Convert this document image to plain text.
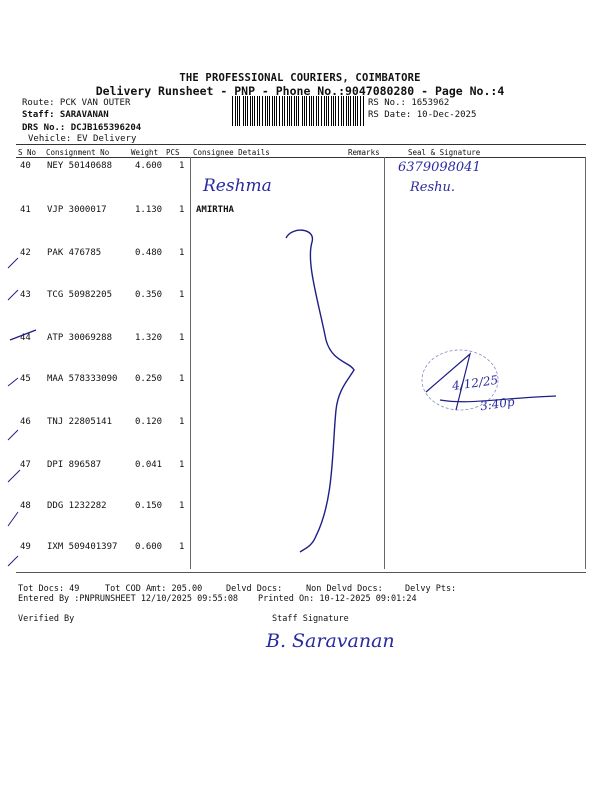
THE PROFESSIONAL COURIERS, COIMBATORE
Delivery Runsheet - PNP - Phone No.:9047080280 - Page No.:4
Route: PCK VAN OUTER
Staff: SARAVANAN
DRS No.: DCJB165396204
Vehicle: EV Delivery
RS No.: 1653962
RS Date: 10-Dec-2025
S No Consignment No	Weight PCS Consignee Details	Remarks	Seal & Signature
40 NEY 50140688	4.600 1
41 VJP 3000017	1.130 1 AMIRTHA
42 PAK 476785	0.480 1
43 TCG 50982205	0.350 1
44 ATP 30069288	1.320 1
45 MAA 578333090 0.250 1
46 TNJ 22805141	0.120 1
47 DPI 896587	0.041 1
48 DDG 1232282	0.150 1
49 IXM 509401397 0.600 1
Tot Docs: 49	Tot COD Amt: 205.00	Delvd Docs:	Non Delvd Docs:	Delvy Pts:
Entered By :PNPRUNSHEET 12/10/2025 09:55:08 Printed On: 10-12-2025 09:01:24
Verified By	Staff Signature
Reshma
6379098041
Reshu.
4/12/25
3:40p
B. Saravanan
